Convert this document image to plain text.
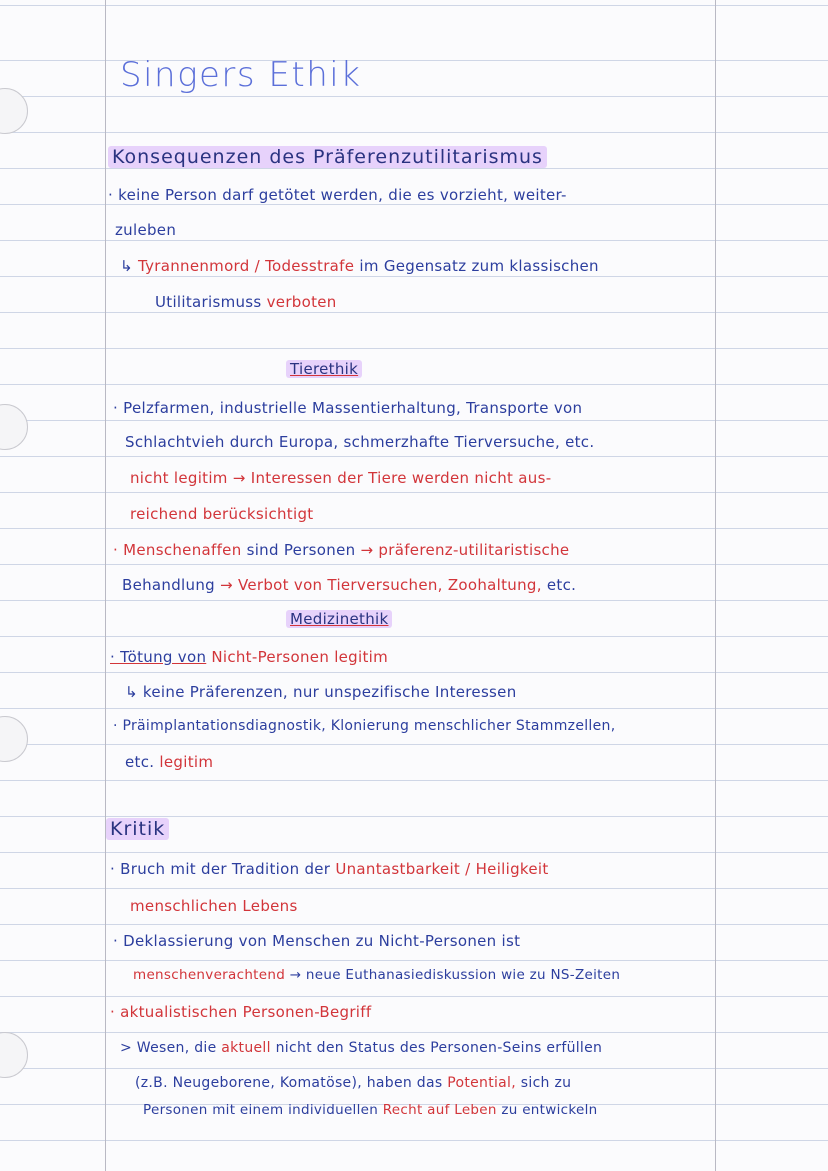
Singers Ethik
Konsequenzen des Präferenzutilitarismus
· keine Person darf getötet werden, die es vorzieht, weiter-
zuleben
↳ Tyrannenmord / Todesstrafe im Gegensatz zum klassischen
Utilitarismuss verboten
Tierethik
· Pelzfarmen, industrielle Massentierhaltung, Transporte von
Schlachtvieh durch Europa, schmerzhafte Tierversuche, etc.
nicht legitim → Interessen der Tiere werden nicht aus-
reichend berücksichtigt
· Menschenaffen sind Personen → präferenz-utilitaristische
Behandlung → Verbot von Tierversuchen, Zoohaltung, etc.
Medizinethik
· Tötung von Nicht-Personen legitim
↳ keine Präferenzen, nur unspezifische Interessen
· Präimplantationsdiagnostik, Klonierung menschlicher Stammzellen,
etc. legitim
Kritik
· Bruch mit der Tradition der Unantastbarkeit / Heiligkeit
menschlichen Lebens
· Deklassierung von Menschen zu Nicht-Personen ist
menschenverachtend → neue Euthanasiediskussion wie zu NS-Zeiten
· aktualistischen Personen-Begriff
> Wesen, die aktuell nicht den Status des Personen-Seins erfüllen
(z.B. Neugeborene, Komatöse), haben das Potential, sich zu
Personen mit einem individuellen Recht auf Leben zu entwickeln
